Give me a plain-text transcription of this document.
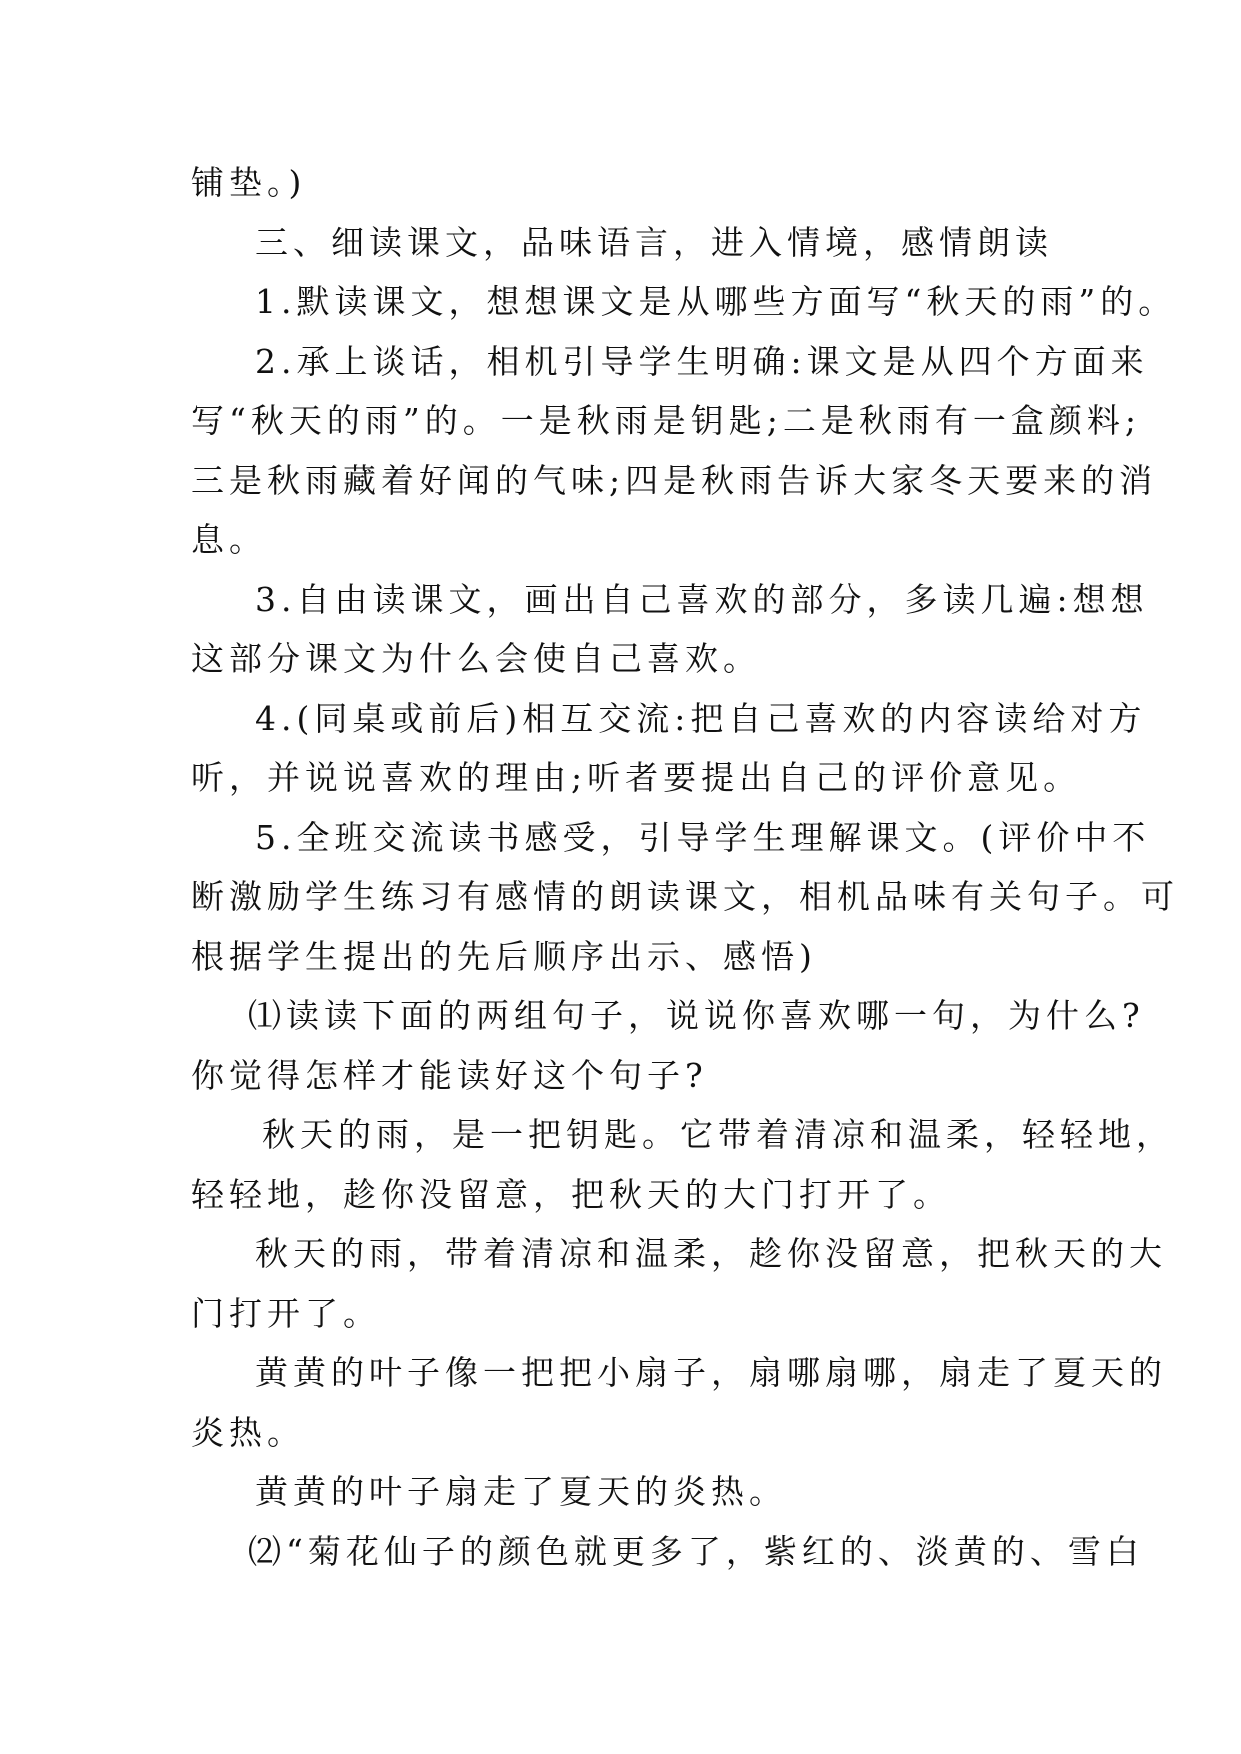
铺垫。)
三、细读课文，品味语言，进入情境，感情朗读
1.默读课文，想想课文是从哪些方面写“秋天的雨”的。
2.承上谈话，相机引导学生明确:课文是从四个方面来
写“秋天的雨”的。一是秋雨是钥匙;二是秋雨有一盒颜料;
三是秋雨藏着好闻的气味;四是秋雨告诉大家冬天要来的消
息。
3.自由读课文，画出自己喜欢的部分，多读几遍:想想
这部分课文为什么会使自己喜欢。
4.(同桌或前后)相互交流:把自己喜欢的内容读给对方
听，并说说喜欢的理由;听者要提出自己的评价意见。
5.全班交流读书感受，引导学生理解课文。(评价中不
断激励学生练习有感情的朗读课文，相机品味有关句子。可
根据学生提出的先后顺序出示、感悟)
⑴读读下面的两组句子，说说你喜欢哪一句，为什么?
你觉得怎样才能读好这个句子?
秋天的雨，是一把钥匙。它带着清凉和温柔，轻轻地，
轻轻地，趁你没留意，把秋天的大门打开了。
秋天的雨，带着清凉和温柔，趁你没留意，把秋天的大
门打开了。
黄黄的叶子像一把把小扇子，扇哪扇哪，扇走了夏天的
炎热。
黄黄的叶子扇走了夏天的炎热。
⑵“菊花仙子的颜色就更多了，紫红的、淡黄的、雪白
